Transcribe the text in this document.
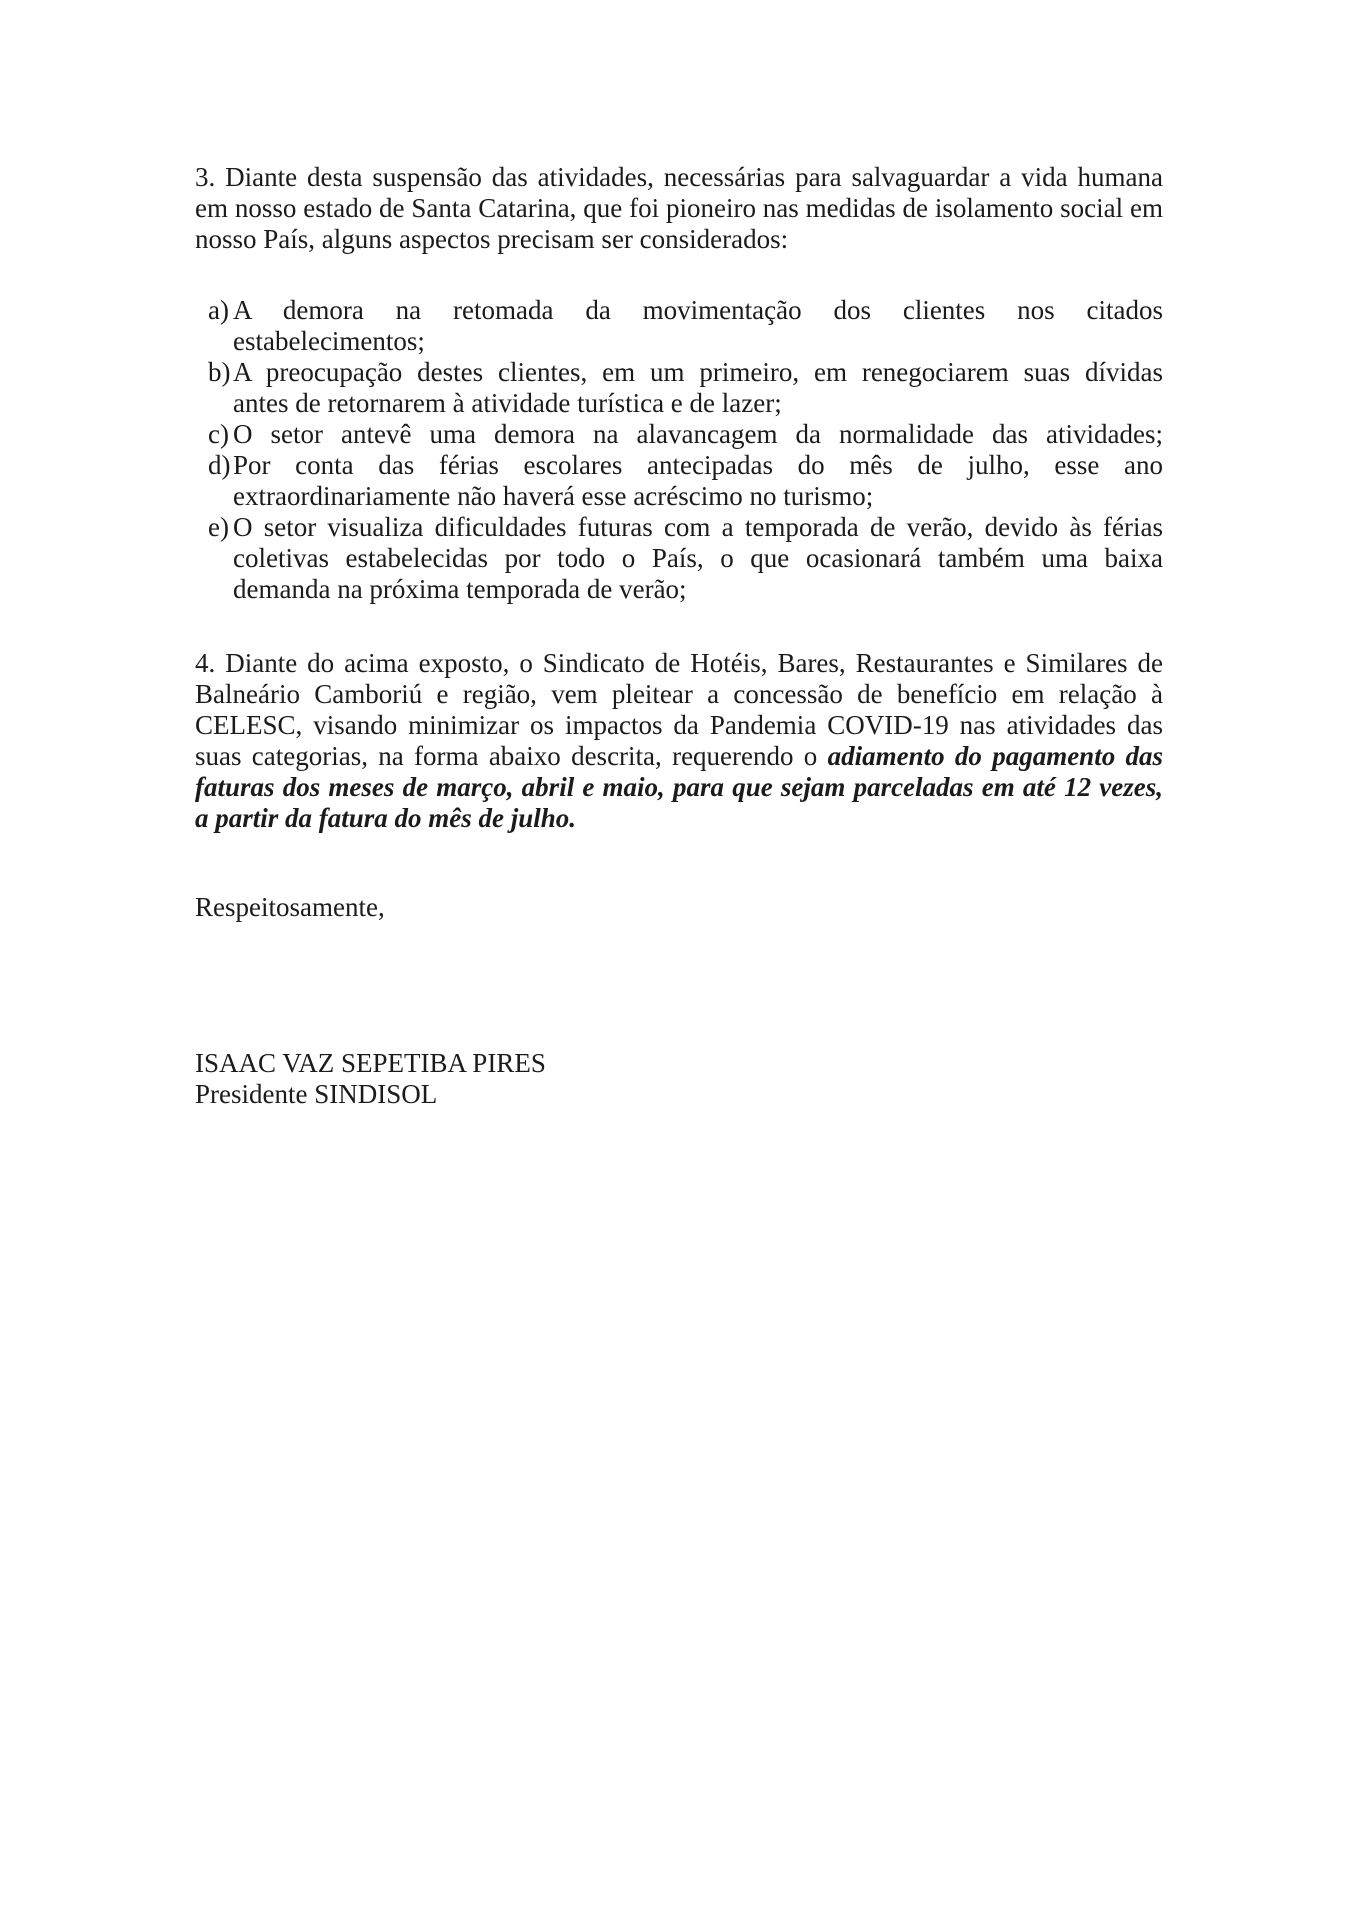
3. Diante desta suspensão das atividades, necessárias para salvaguardar a vida humana
em nosso estado de Santa Catarina, que foi pioneiro nas medidas de isolamento social em
nosso País, alguns aspectos precisam ser considerados:
a) A demora na retomada da movimentação dos clientes nos citados
estabelecimentos;
b) A preocupação destes clientes, em um primeiro, em renegociarem suas dívidas
antes de retornarem à atividade turística e de lazer;
c) O setor antevê uma demora na alavancagem da normalidade das atividades;
d) Por conta das férias escolares antecipadas do mês de julho, esse ano
extraordinariamente não haverá esse acréscimo no turismo;
e) O setor visualiza dificuldades futuras com a temporada de verão, devido às férias
coletivas estabelecidas por todo o País, o que ocasionará também uma baixa
demanda na próxima temporada de verão;
4. Diante do acima exposto, o Sindicato de Hotéis, Bares, Restaurantes e Similares de
Balneário Camboriú e região, vem pleitear a concessão de benefício em relação à
CELESC, visando minimizar os impactos da Pandemia COVID-19 nas atividades das
suas categorias, na forma abaixo descrita, requerendo o adiamento do pagamento das
faturas dos meses de março, abril e maio, para que sejam parceladas em até 12 vezes,
a partir da fatura do mês de julho.
Respeitosamente,
ISAAC VAZ SEPETIBA PIRES
Presidente SINDISOL
